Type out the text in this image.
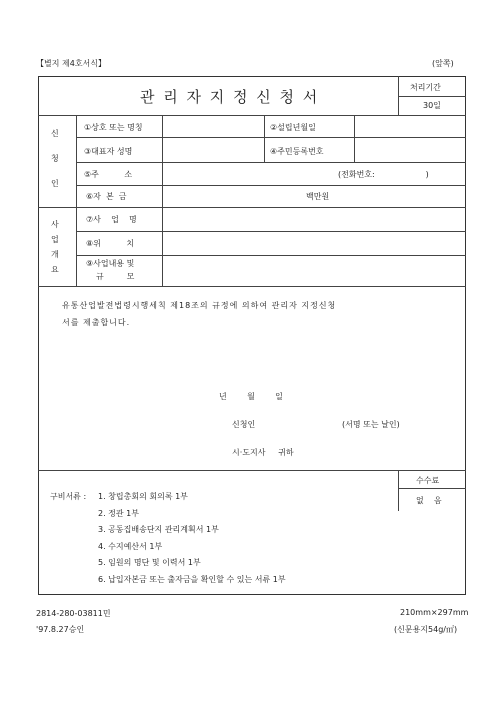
【별지 제4호서식】	(앞쪽)
관 리 자 지 정 신 청 서
처리기간
30일
신
청
인
①상호 또는 명칭	②설립년월일
③대표자 성명	④주민등록번호
⑤주          소	(전화번호:                    )
⑥자  본  금	백만원
사
업
개
요
⑦사    업    명
⑧위          치
⑨사업내용 및
규         모
유통산업발전법령시행세칙 제18조의 규정에 의하여 관리자 지정신청
서를 제출합니다.
년        월        일
신청인	(서명 또는 날인)
시·도지사     귀하
수수료
없    음
구비서류 : 1. 창립총회의 회의록 1부
2. 정관 1부
3. 공동집배송단지 관리계획서 1부
4. 수지예산서 1부
5. 임원의 명단 및 이력서 1부
6. 납입자본금 또는 출자금을 확인할 수 있는 서류 1부
2814-280-03811민
'97.8.27승인
210mm×297mm
(신문용지54g/㎡)
